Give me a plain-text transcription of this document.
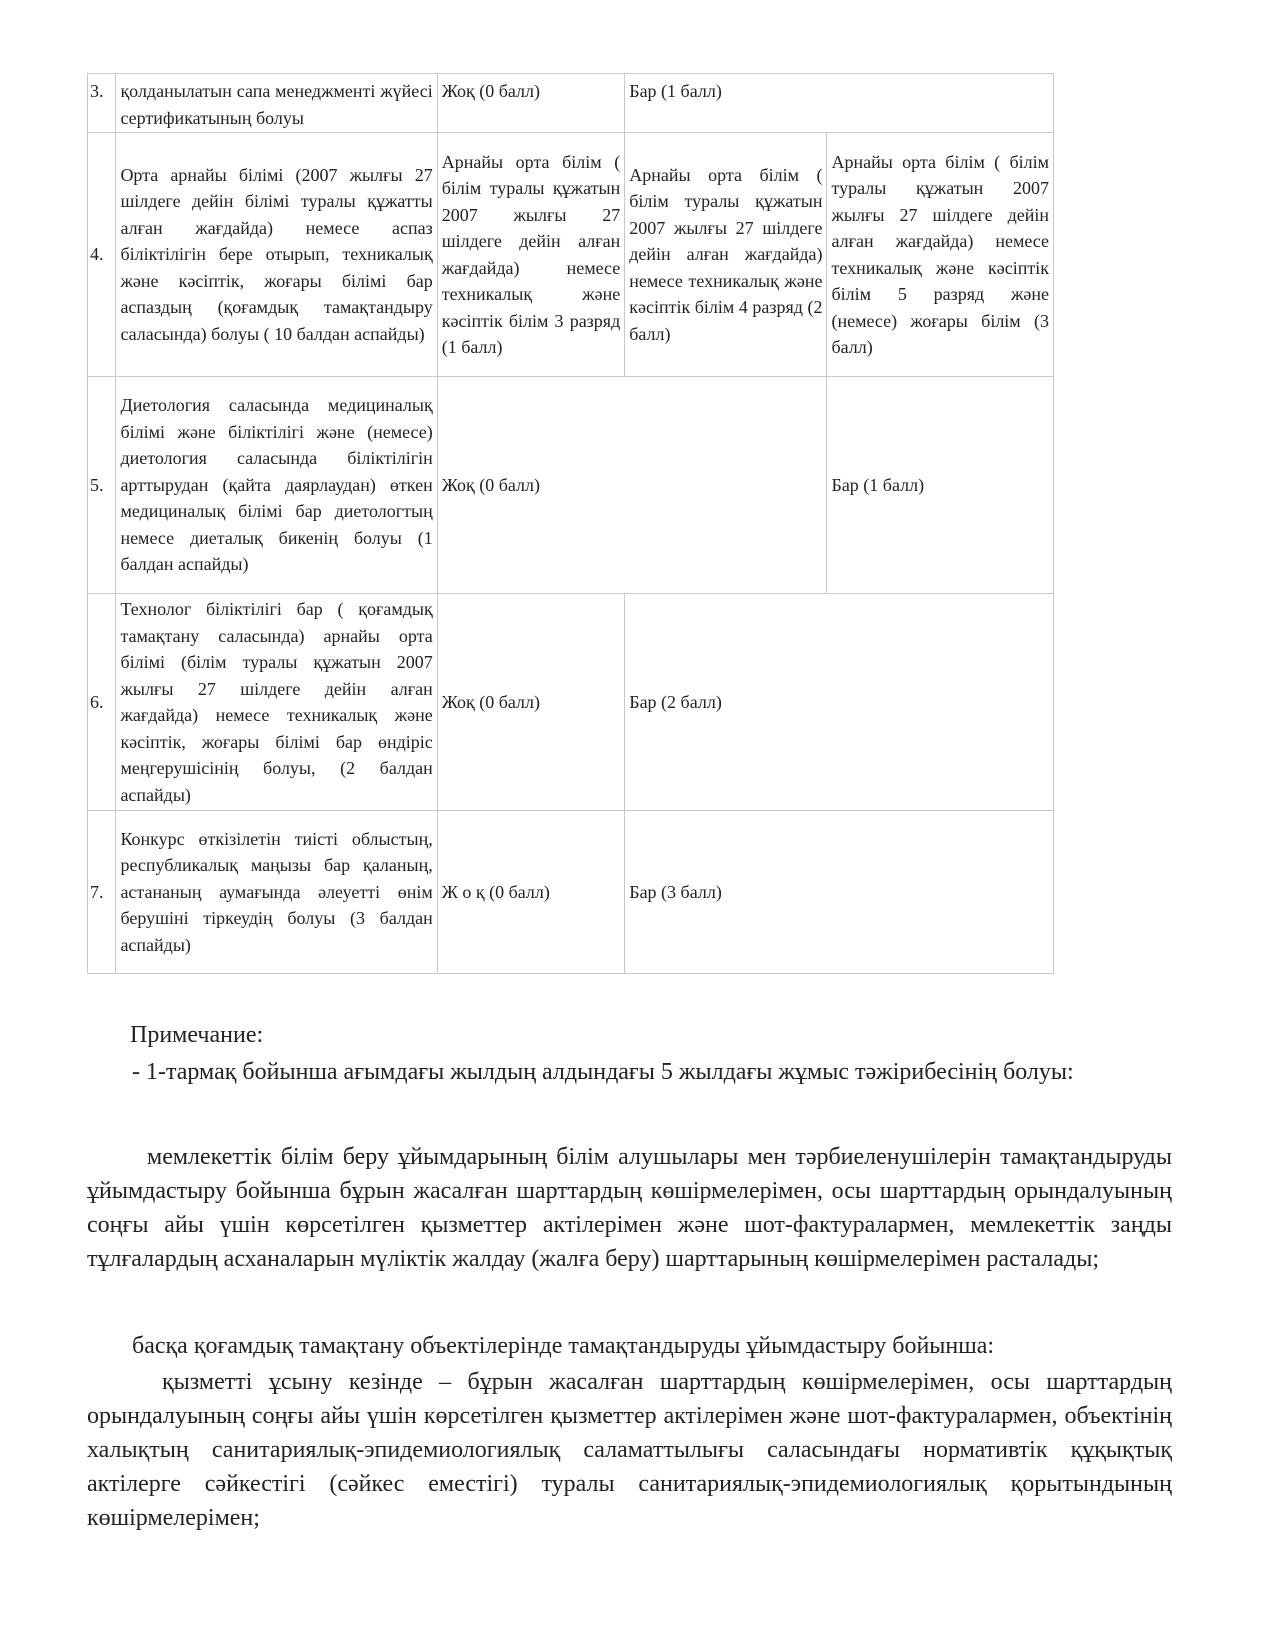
3.	қолданылатын сапа менеджменті жүйесі сертификатының болуы	Жоқ (0 балл)	Бар (1 балл)	
4.	Орта арнайы білімі (2007 жылғы 27 шілдеге дейін білімі туралы құжатты алған жағдайда) немесе аспаз біліктілігін бере отырып, техникалық және кәсіптік, жоғары білімі бар аспаздың (қоғамдық тамақтандыру саласында) болуы ( 10 балдан аспайды)	Арнайы орта білім ( білім туралы құжатын 2007 жылғы 27 шілдеге дейін алған жағдайда) немесе техникалық және кәсіптік білім 3 разряд (1 балл)	Арнайы орта білім ( білім туралы құжатын 2007 жылғы 27 шілдеге дейін алған жағдайда) немесе техникалық және кәсіптік білім 4 разряд (2 балл)	Арнайы орта білім ( білім туралы құжатын 2007 жылғы 27 шілдеге дейін алған жағдайда) немесе техникалық және кәсіптік білім 5 разряд және (немесе) жоғары білім (3 балл)
5.	Диетология саласында медициналық білімі және біліктілігі және (немесе) диетология саласында біліктілігін арттырудан (қайта даярлаудан) өткен медициналық білімі бар диетологтың немесе диеталық бикенің болуы (1 балдан аспайды)	Жоқ (0 балл)		Бар (1 балл)
6.	Технолог біліктілігі бар ( қоғамдық тамақтану саласында) арнайы орта білімі (білім туралы құжатын 2007 жылғы 27 шілдеге дейін алған жағдайда) немесе техникалық және кәсіптік, жоғары білімі бар өндіріс меңгерушісінің болуы, (2 балдан аспайды)	Жоқ (0 балл)	Бар (2 балл)	
7.	Конкурс өткізілетін тиісті облыстың, республикалық маңызы бар қаланың, астананың аумағында әлеуетті өнім берушіні тіркеудің болуы (3 балдан аспайды)	Ж о қ (0 балл)	Бар (3 балл)	
Примечание:
- 1-тармақ бойынша ағымдағы жылдың алдындағы 5 жылдағы жұмыс тәжірибесінің болуы:
мемлекеттік білім беру ұйымдарының білім алушылары мен тәрбиеленушілерін тамақтандыруды ұйымдастыру бойынша бұрын жасалған шарттардың көшірмелерімен, осы шарттардың орындалуының соңғы айы үшін көрсетілген қызметтер актілерімен және шот-фактуралармен, мемлекеттік заңды тұлғалардың асханаларын мүліктік жалдау (жалға беру) шарттарының көшірмелерімен расталады;
басқа қоғамдық тамақтану объектілерінде тамақтандыруды ұйымдастыру бойынша:
қызметті ұсыну кезінде – бұрын жасалған шарттардың көшірмелерімен, осы шарттардың орындалуының соңғы айы үшін көрсетілген қызметтер актілерімен және шот-фактуралармен, объектінің халықтың санитариялық-эпидемиологиялық саламаттылығы саласындағы нормативтік құқықтық актілерге сәйкестігі (сәйкес еместігі) туралы санитариялық-эпидемиологиялық қорытындының көшірмелерімен;
